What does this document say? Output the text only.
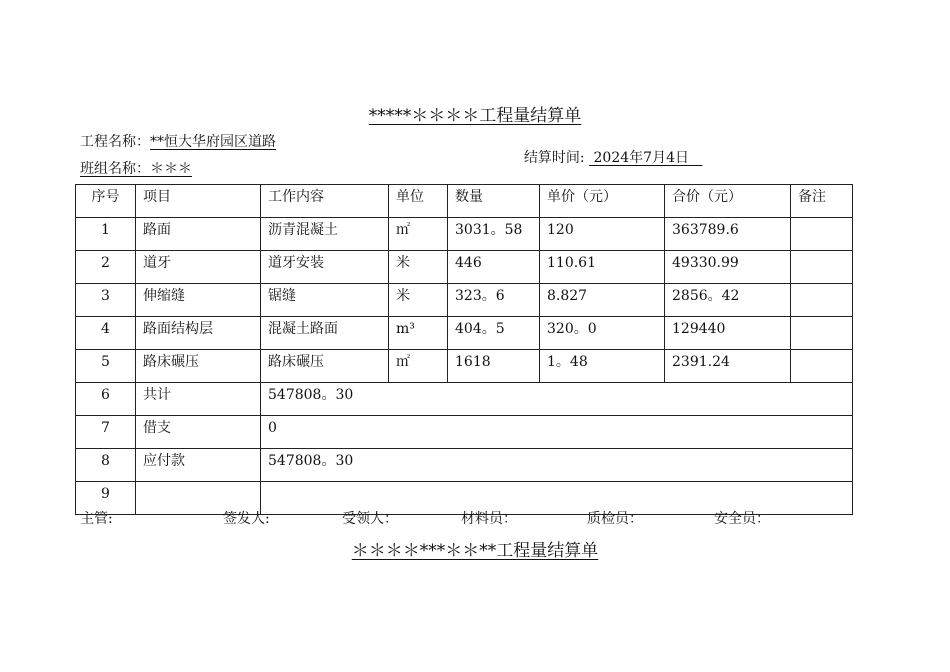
*****＊＊＊＊工程量结算单
工程名称：**恒大华府园区道路

结算时间:  2024年7月4日

班组名称：＊＊＊
序号	项目	工作内容	单位	数量	单价（元）	合价（元）	备注
1	路面	沥青混凝土	㎡	3031。58	120	363789.6	
2	道牙	道牙安装	米	446	110.61	49330.99	
3	伸缩缝	锯缝	米	323。6	8.827	2856。42	
4	路面结构层	混凝土路面	m³	404。5	320。0	129440	
5	路床碾压	路床碾压	㎡	1618	1。48	2391.24	
6	共计	547808。30					
7	借支	0					
8	应付款	547808。30					
9							
主管:	签发人:	受领人：	材料员：	质检员：	安全员：
＊＊＊＊***＊＊**工程量结算单
